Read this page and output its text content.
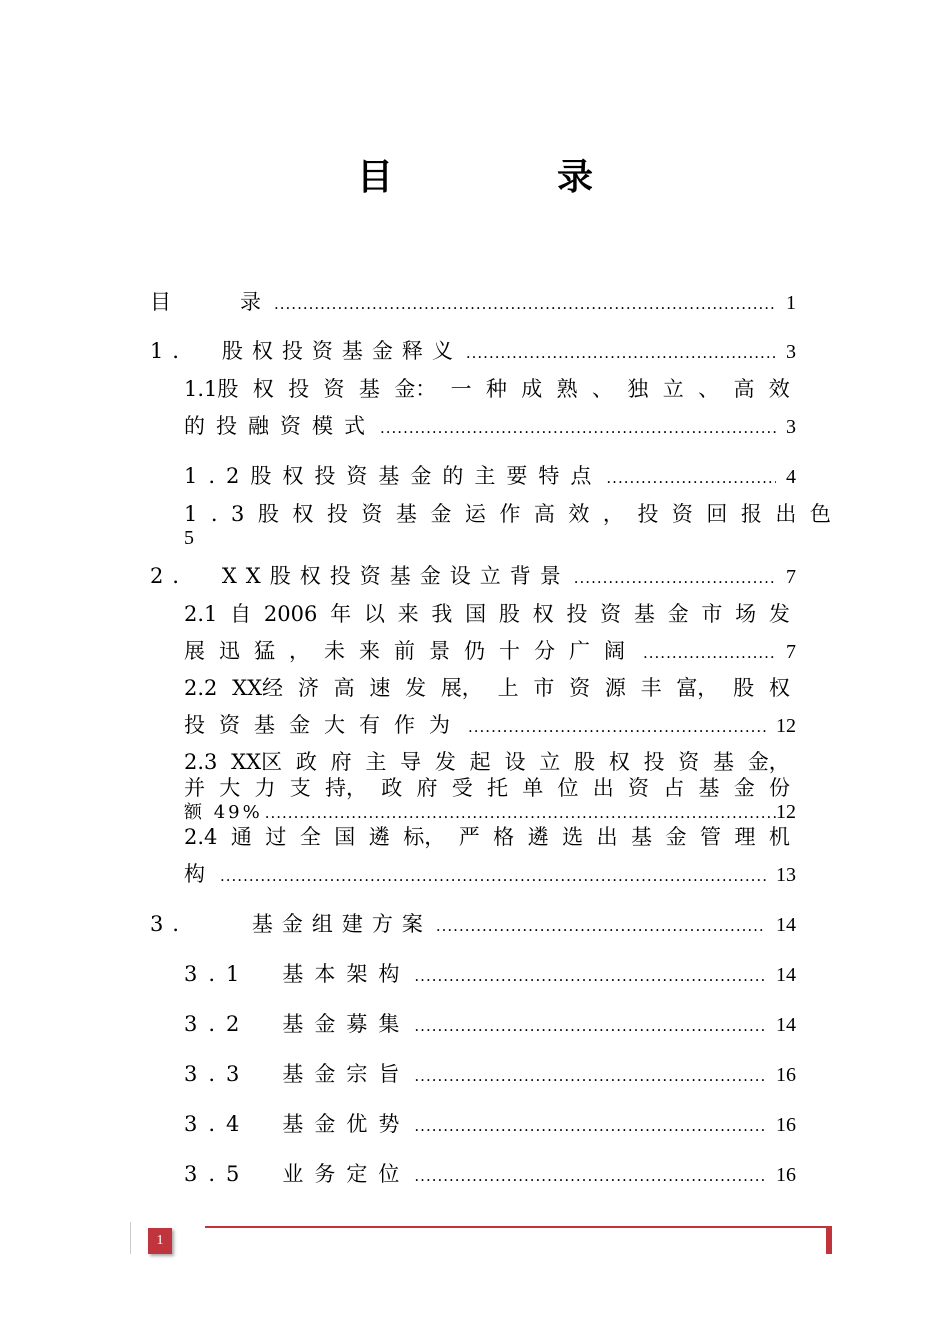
目　录
目　　录 .....	1
1．　股权投资基金释义 .....	3
1.1股 权 投 资 基 金： 一 种 成 熟 、 独 立 、 高 效
的投融资模式 .....	3
1.2股权投资基金的主要特点 .....	4
1.3股权投资基金运作高效，投资回报出色
5
2．　XX股权投资基金设立背景 .....	7
2.1 自 2006 年 以 来 我 国 股 权 投 资 基 金 市 场 发
展迅猛，未来前景仍十分广阔 .....	7
2.2 XX经 济 高 速 发 展， 上 市 资 源 丰 富， 股 权
投资基金大有作为 .....	12
2.3 XX区 政 府 主 导 发 起 设 立 股 权 投 资 基 金，
并 大 力 支 持， 政 府 受 托 单 位 出 资 占 基 金 份
额 49% .....	12
2.4 通 过 全 国 遴 标， 严 格 遴 选 出 基 金 管 理 机
构 .....	13
3．　　基金组建方案 .....	14
3.1　基本架构 .....	14
3.2　基金募集 .....	14
3.3　基金宗旨 .....	16
3.4　基金优势 .....	16
3.5　业务定位 .....	16
1
